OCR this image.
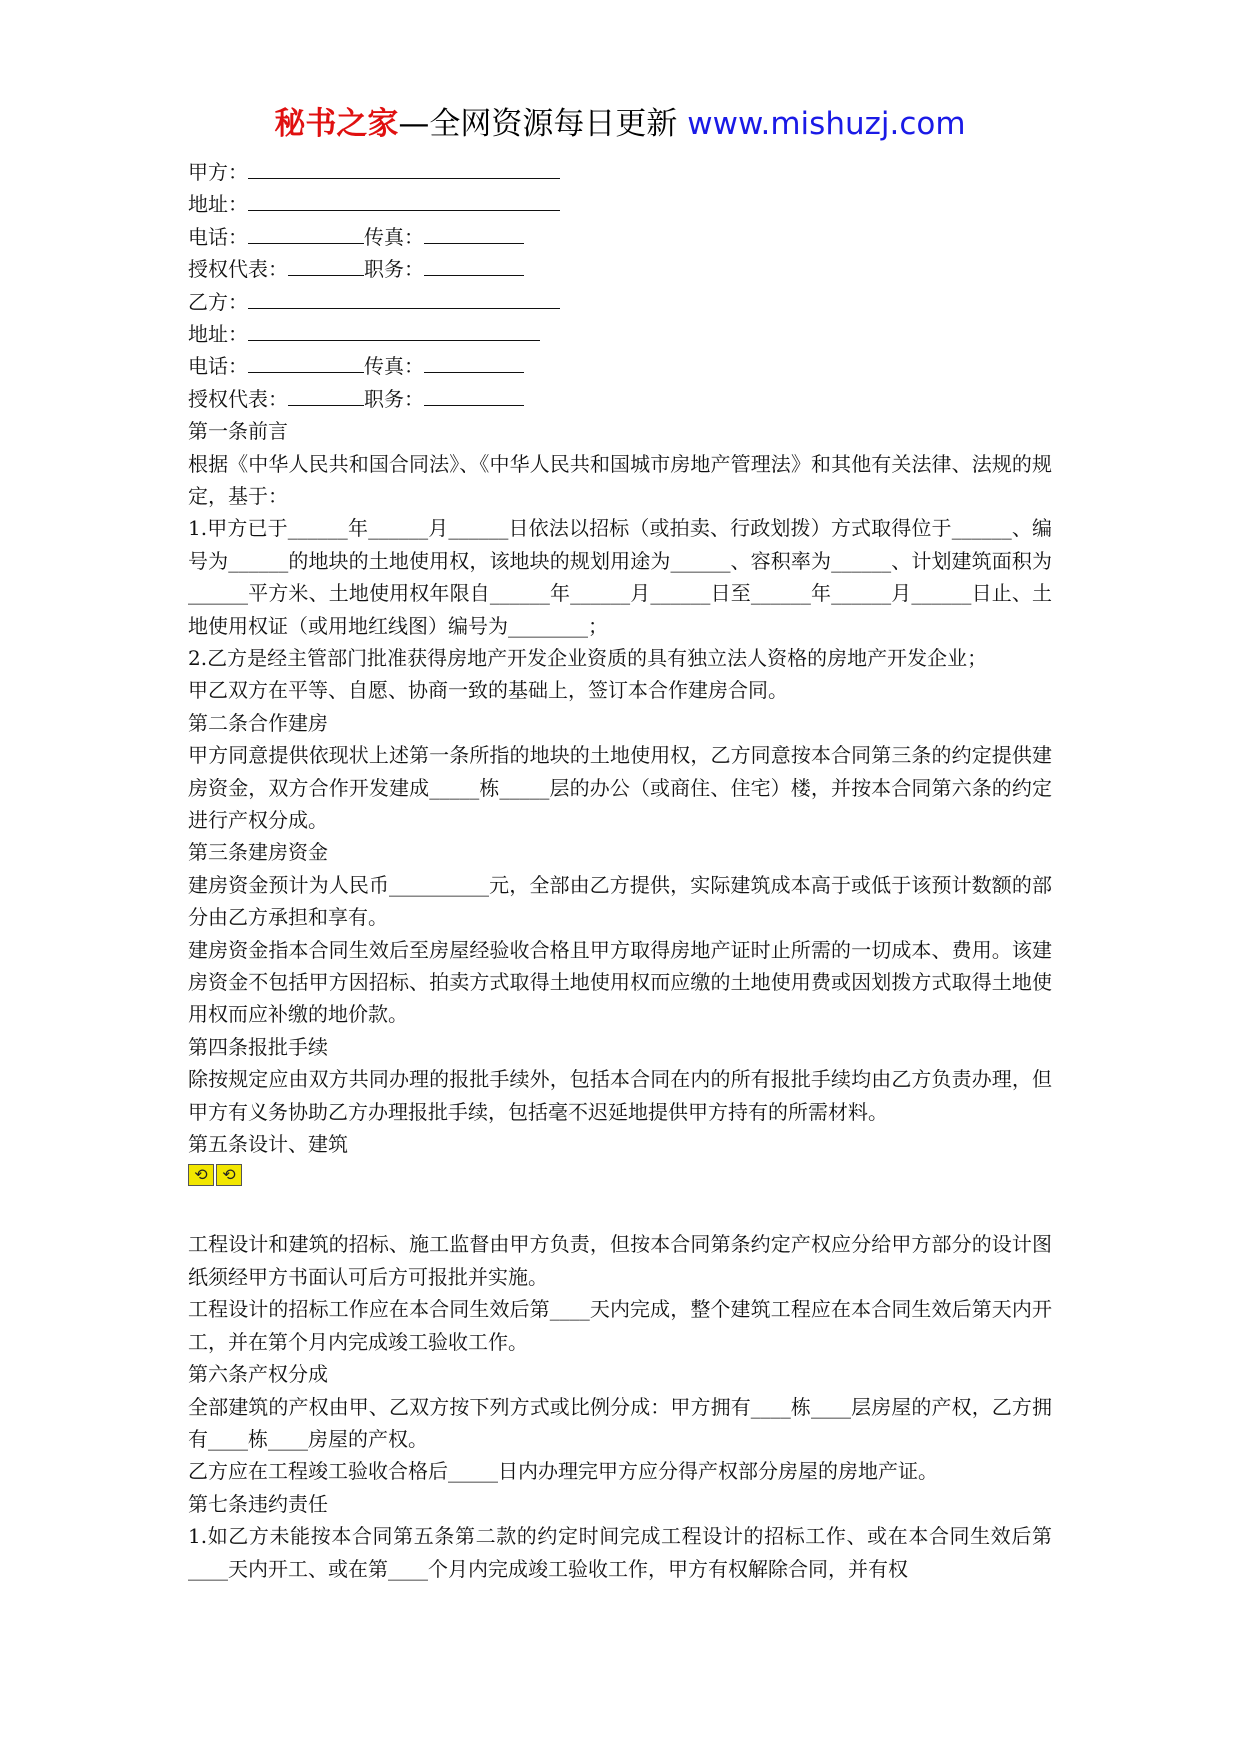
秘书之家—全网资源每日更新 www.mishuzj.com
甲方：
地址：
电话：	传真：
授权代表：	职务：
乙方：
地址：
电话：	传真：
授权代表：	职务：
第一条前言
根据《中华人民共和国合同法》、《中华人民共和国城市房地产管理法》和其他有关法律、法规的规定，基于：
1.甲方已于______年______月______日依法以招标（或拍卖、行政划拨）方式取得位于______、编号为______的地块的土地使用权，该地块的规划用途为______、容积率为______、计划建筑面积为______平方米、土地使用权年限自______年______月______日至______年______月______日止、土地使用权证（或用地红线图）编号为________；
2.乙方是经主管部门批准获得房地产开发企业资质的具有独立法人资格的房地产开发企业；
甲乙双方在平等、自愿、协商一致的基础上，签订本合作建房合同。
第二条合作建房
甲方同意提供依现状上述第一条所指的地块的土地使用权，乙方同意按本合同第三条的约定提供建房资金，双方合作开发建成_____栋_____层的办公（或商住、住宅）楼，并按本合同第六条的约定进行产权分成。
第三条建房资金
建房资金预计为人民币__________元，全部由乙方提供，实际建筑成本高于或低于该预计数额的部分由乙方承担和享有。
建房资金指本合同生效后至房屋经验收合格且甲方取得房地产证时止所需的一切成本、费用。该建房资金不包括甲方因招标、拍卖方式取得土地使用权而应缴的土地使用费或因划拨方式取得土地使用权而应补缴的地价款。
第四条报批手续
除按规定应由双方共同办理的报批手续外，包括本合同在内的所有报批手续均由乙方负责办理，但甲方有义务协助乙方办理报批手续，包括毫不迟延地提供甲方持有的所需材料。
第五条设计、建筑
⟲ ⟲
工程设计和建筑的招标、施工监督由甲方负责，但按本合同第条约定产权应分给甲方部分的设计图纸须经甲方书面认可后方可报批并实施。
工程设计的招标工作应在本合同生效后第____天内完成，整个建筑工程应在本合同生效后第天内开工，并在第个月内完成竣工验收工作。
第六条产权分成
全部建筑的产权由甲、乙双方按下列方式或比例分成：甲方拥有____栋____层房屋的产权，乙方拥有____栋____房屋的产权。
乙方应在工程竣工验收合格后_____日内办理完甲方应分得产权部分房屋的房地产证。
第七条违约责任
1.如乙方未能按本合同第五条第二款的约定时间完成工程设计的招标工作、或在本合同生效后第____天内开工、或在第____个月内完成竣工验收工作，甲方有权解除合同，并有权
